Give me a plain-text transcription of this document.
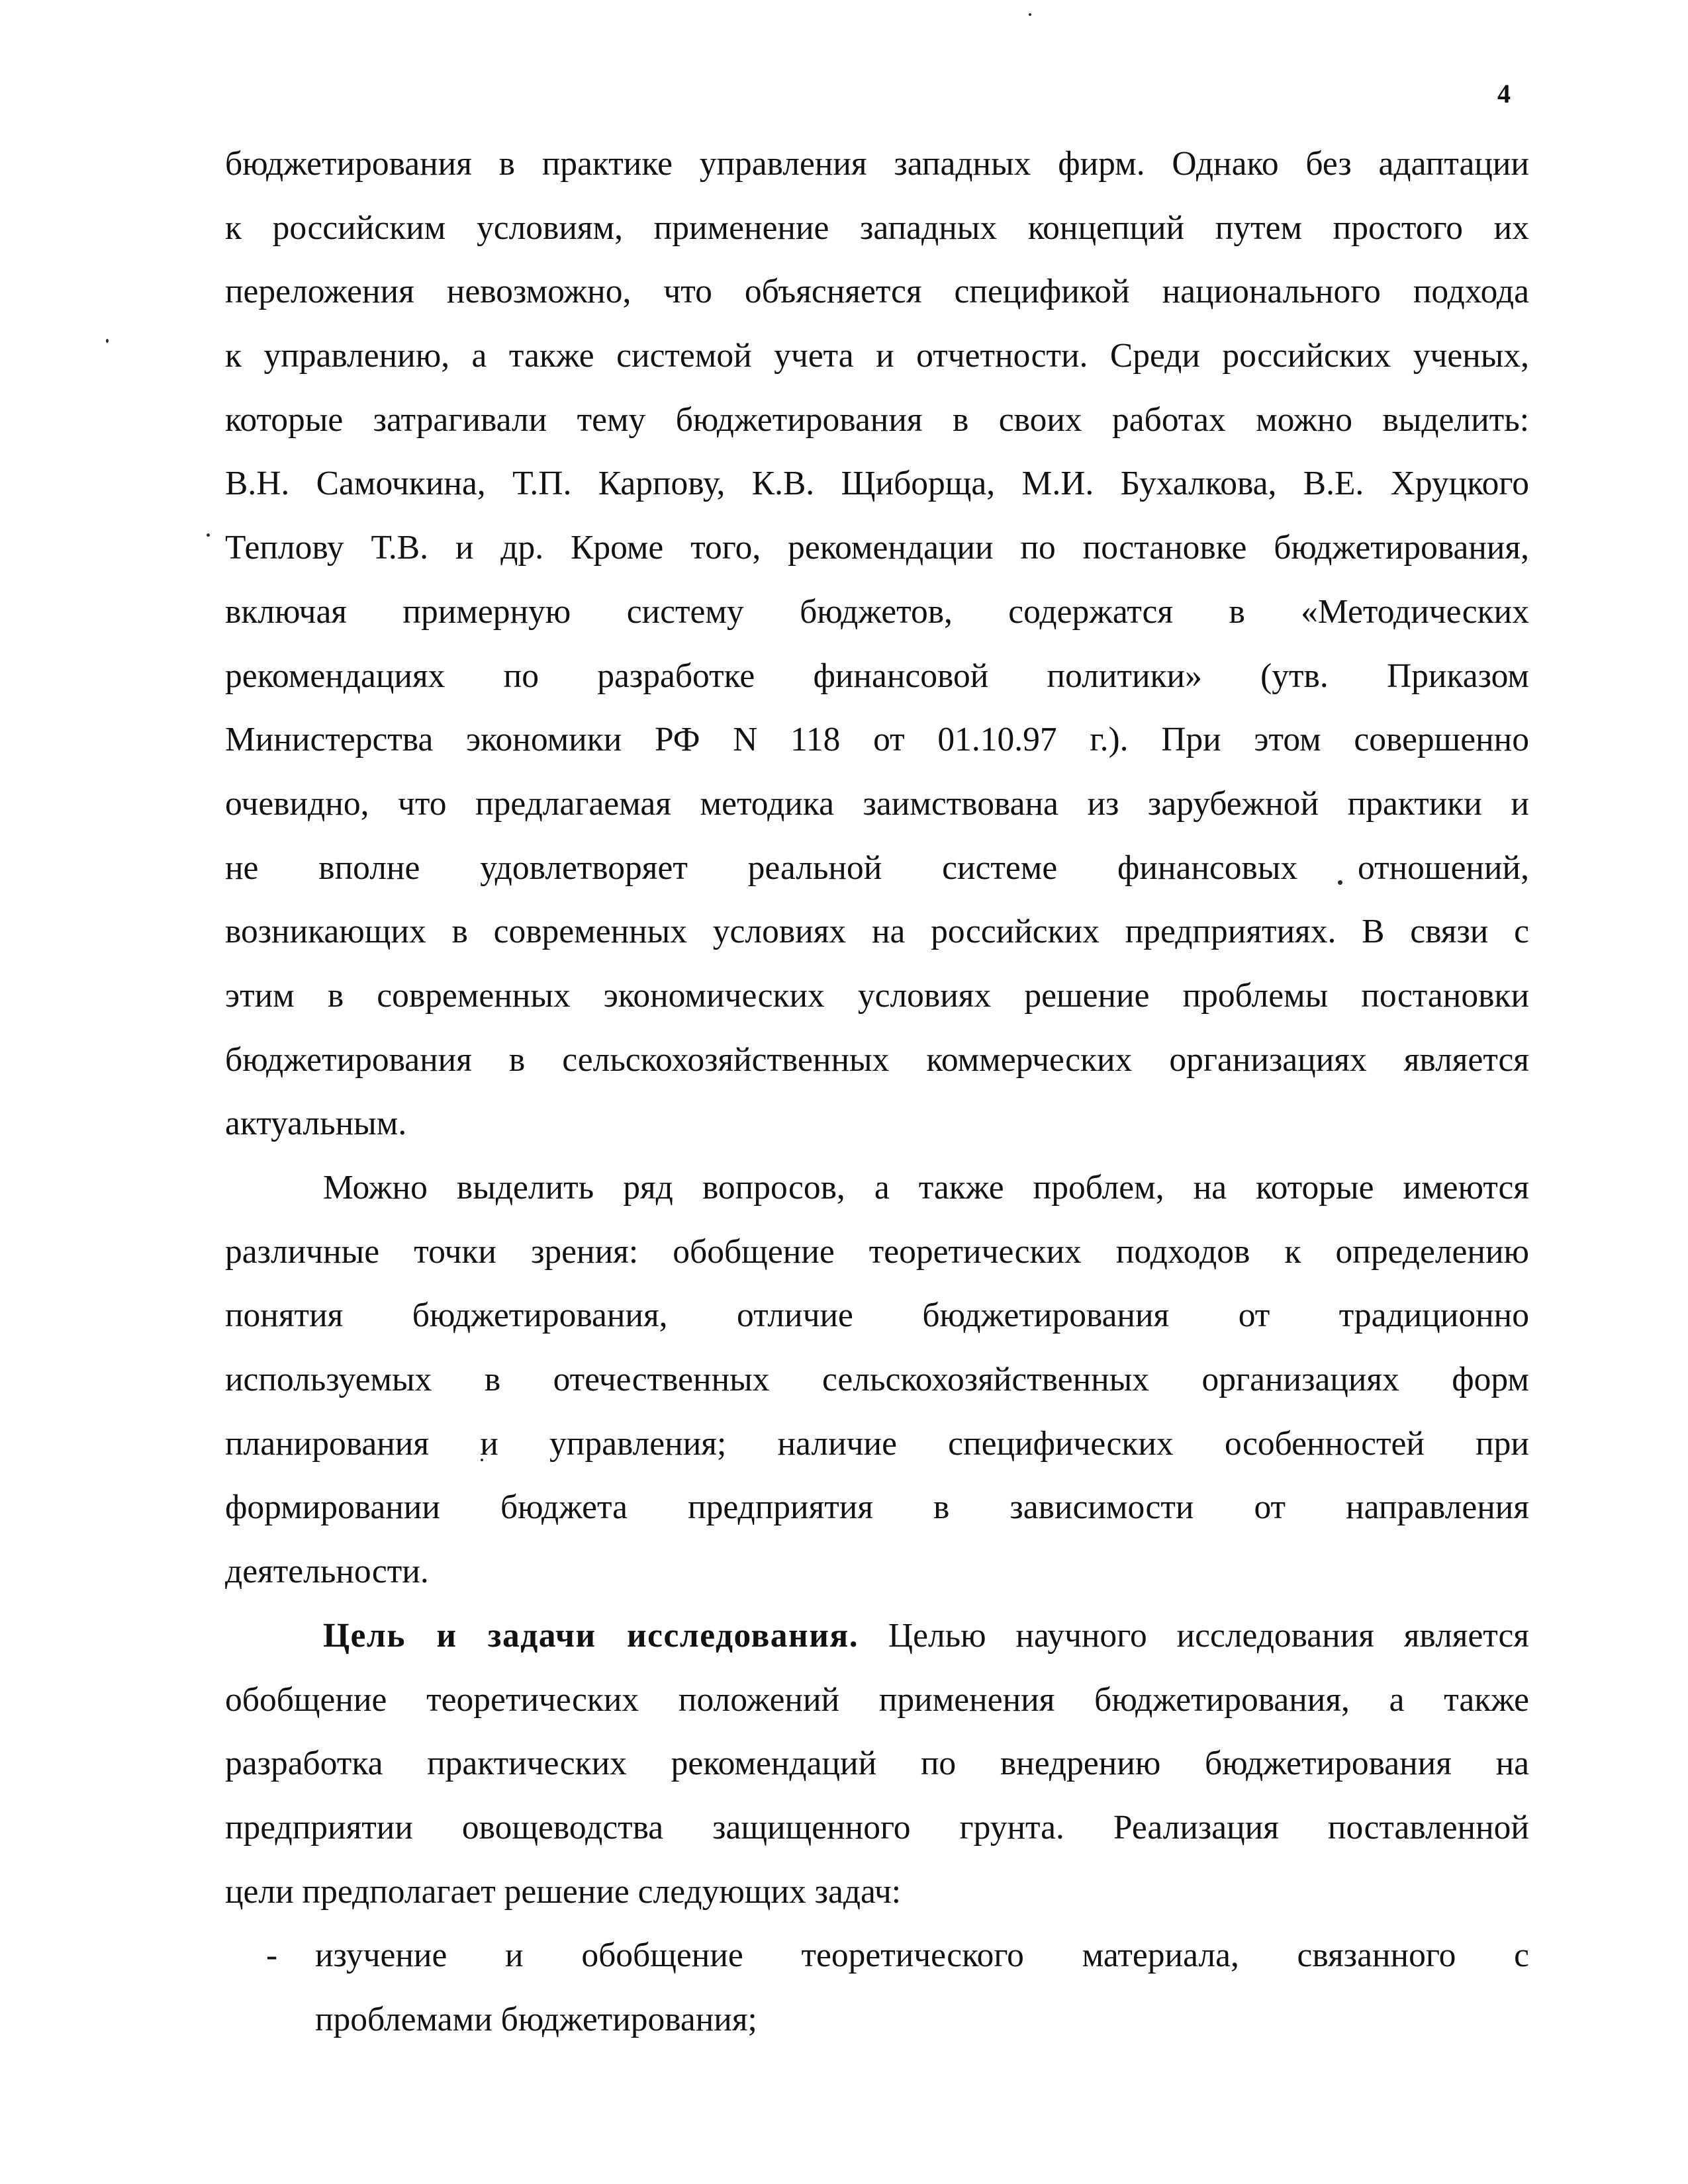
4
бюджетирования в практике управления западных фирм. Однако без адаптации
к российским условиям, применение западных концепций путем простого их
переложения невозможно, что объясняется спецификой национального подхода
к управлению, а также системой учета и отчетности. Среди российских ученых,
которые затрагивали тему бюджетирования в своих работах можно выделить:
В.Н. Самочкина, Т.П. Карпову, К.В. Щиборща, М.И. Бухалкова, В.Е. Хруцкого
Теплову Т.В. и др. Кроме того, рекомендации по постановке бюджетирования,
включая примерную систему бюджетов, содержатся в «Методических
рекомендациях по разработке финансовой политики» (утв. Приказом
Министерства экономики РФ N 118 от 01.10.97 г.). При этом совершенно
очевидно, что предлагаемая методика заимствована из зарубежной практики и
не вполне удовлетворяет реальной системе финансовых отношений,
возникающих в современных условиях на российских предприятиях. В связи с
этим в современных экономических условиях решение проблемы постановки
бюджетирования в сельскохозяйственных коммерческих организациях является
актуальным.
Можно выделить ряд вопросов, а также проблем, на которые имеются
различные точки зрения: обобщение теоретических подходов к определению
понятия бюджетирования, отличие бюджетирования от традиционно
используемых в отечественных сельскохозяйственных организациях форм
планирования и управления; наличие специфических особенностей при
формировании бюджета предприятия в зависимости от направления
деятельности.
Цель и задачи исследования. Целью научного исследования является
обобщение теоретических положений применения бюджетирования, а также
разработка практических рекомендаций по внедрению бюджетирования на
предприятии овощеводства защищенного грунта. Реализация поставленной
цели предполагает решение следующих задач:
- изучение и обобщение теоретического материала, связанного с
проблемами бюджетирования;
